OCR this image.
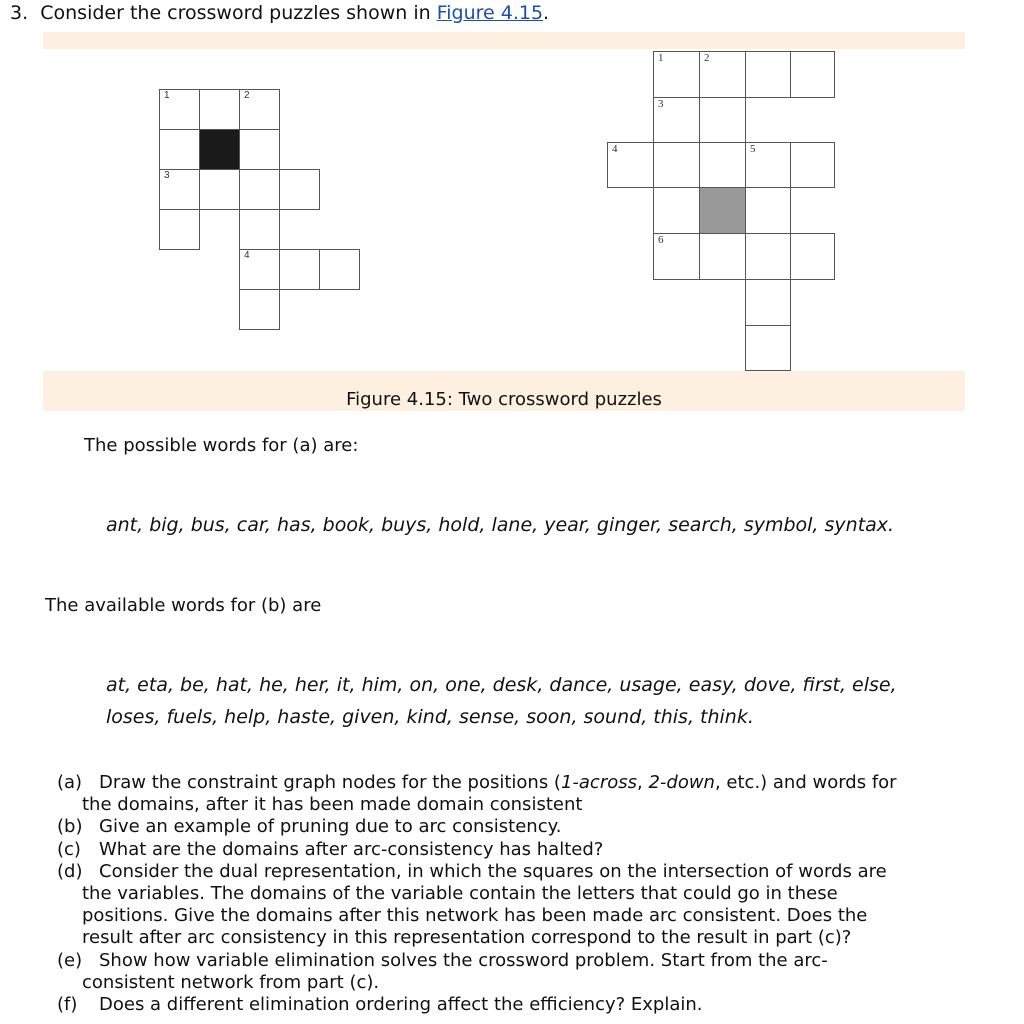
3. Consider the crossword puzzles shown in Figure 4.15.
1	2
3
4
1	2
3
4	5
6
Figure 4.15: Two crossword puzzles
The possible words for (a) are:
ant, big, bus, car, has, book, buys, hold, lane, year, ginger, search, symbol, syntax.
The available words for (b) are
at, eta, be, hat, he, her, it, him, on, one, desk, dance, usage, easy, dove, first, else,
loses, fuels, help, haste, given, kind, sense, soon, sound, this, think.
(a) Draw the constraint graph nodes for the positions (1-across, 2-down, etc.) and words for
the domains, after it has been made domain consistent
(b) Give an example of pruning due to arc consistency.
(c) What are the domains after arc-consistency has halted?
(d) Consider the dual representation, in which the squares on the intersection of words are
the variables. The domains of the variable contain the letters that could go in these
positions. Give the domains after this network has been made arc consistent. Does the
result after arc consistency in this representation correspond to the result in part (c)?
(e) Show how variable elimination solves the crossword problem. Start from the arc-
consistent network from part (c).
(f) Does a different elimination ordering affect the efficiency? Explain.
